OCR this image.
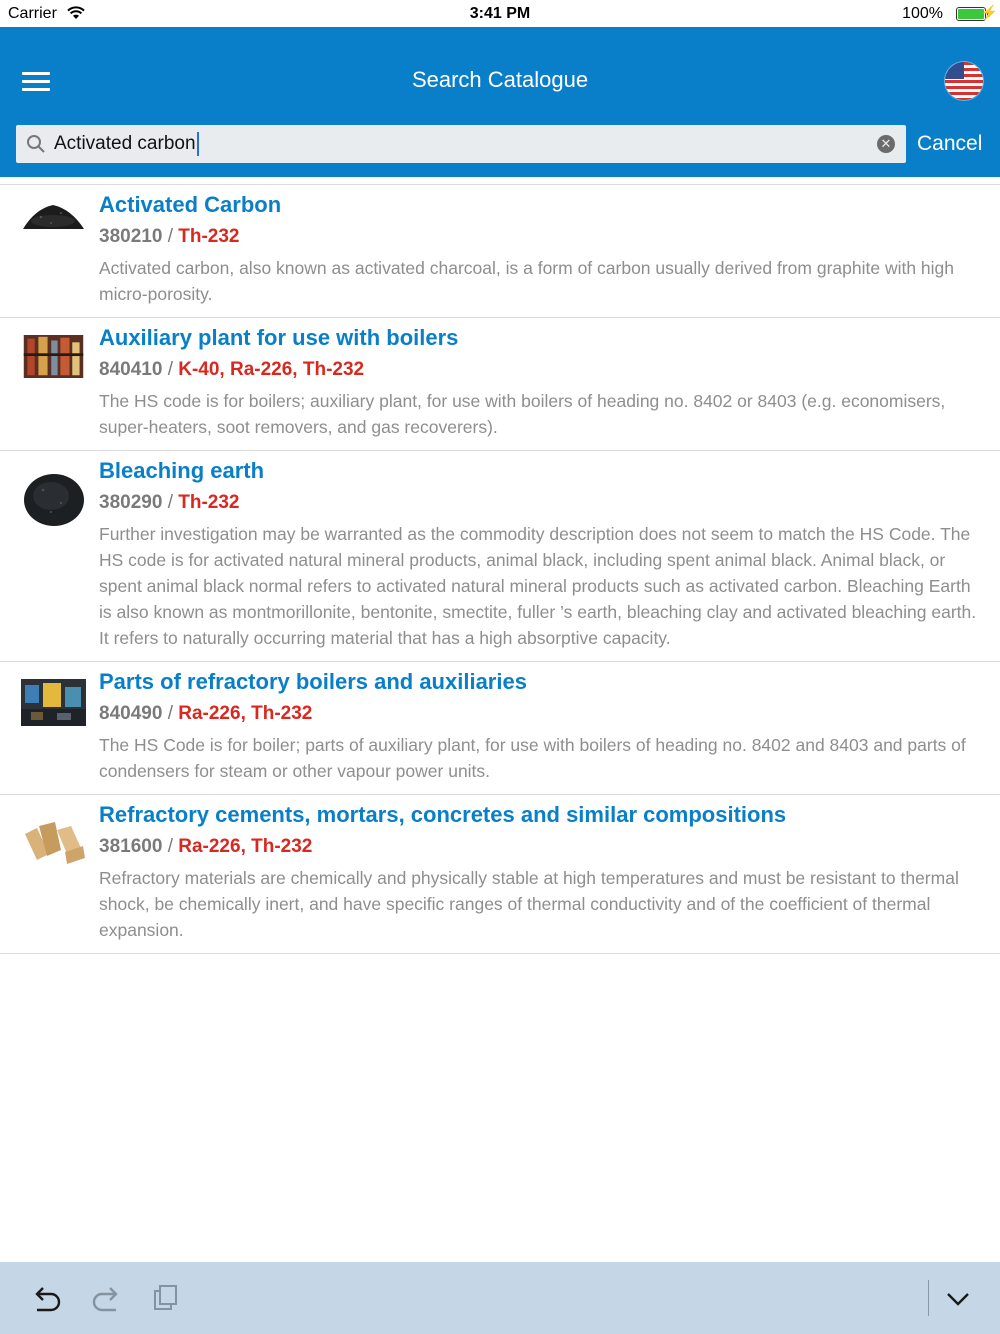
Carrier	3:41 PM	100%	⚡
Search Catalogue
Activated carbon	✕ Cancel
Activated Carbon
380210 / Th-232
Activated carbon, also known as activated charcoal, is a form of carbon usually derived from graphite with high micro-porosity.
Auxiliary plant for use with boilers
840410 / K-40, Ra-226, Th-232
The HS code is for boilers; auxiliary plant, for use with boilers of heading no. 8402 or 8403 (e.g. economisers, super-heaters, soot removers, and gas recoverers).
Bleaching earth
380290 / Th-232
Further investigation may be warranted as the commodity description does not seem to match the HS Code. The HS code is for activated natural mineral products, animal black, including spent animal black. Animal black, or spent animal black normal refers to activated natural mineral products such as activated carbon. Bleaching Earth is also known as montmorillonite, bentonite, smectite, fuller ’s earth, bleaching clay and activated bleaching earth. It refers to naturally occurring material that has a high absorptive capacity.
Parts of refractory boilers and auxiliaries
840490 / Ra-226, Th-232
The HS Code is for boiler; parts of auxiliary plant, for use with boilers of heading no. 8402 and 8403 and parts of condensers for steam or other vapour power units.
Refractory cements, mortars, concretes and similar compositions
381600 / Ra-226, Th-232
Refractory materials are chemically and physically stable at high temperatures and must be resistant to thermal shock, be chemically inert, and have specific ranges of thermal conductivity and of the coefficient of thermal expansion.
